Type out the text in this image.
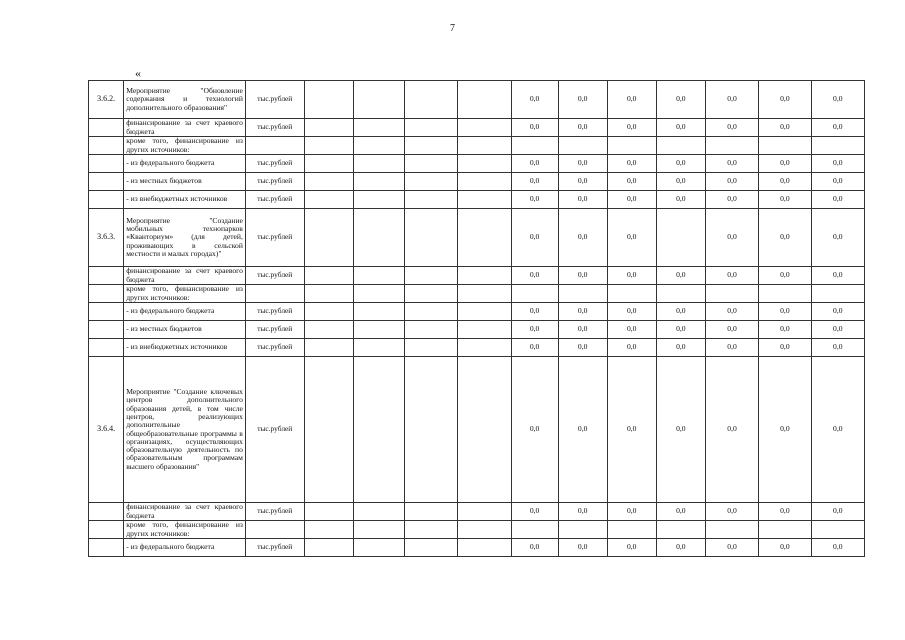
7
«
3.6.2.	Мероприятие "Обновление содержания и технологий дополнительного образования"	тыс.рублей					0,0	0,0	0,0	0,0	0,0	0,0	0,0
	финансирование за счет краевого бюджета	тыс.рублей					0,0	0,0	0,0	0,0	0,0	0,0	0,0
	кроме того, финансирование из других источников:												
	- из федерального бюджета	тыс.рублей					0,0	0,0	0,0	0,0	0,0	0,0	0,0
	- из местных бюджетов	тыс.рублей					0,0	0,0	0,0	0,0	0,0	0,0	0,0
	- из внебюджетных источников	тыс.рублей					0,0	0,0	0,0	0,0	0,0	0,0	0,0
3.6.3.	Мероприятие "Создание мобильных технопарков «Кванториум» (для детей, проживающих в сельской местности и малых городах)"	тыс.рублей					0,0	0,0	0,0		0,0	0,0	0,0
	финансирование за счет краевого бюджета	тыс.рублей					0,0	0,0	0,0	0,0	0,0	0,0	0,0
	кроме того, финансирование из других источников:												
	- из федерального бюджета	тыс.рублей					0,0	0,0	0,0	0,0	0,0	0,0	0,0
	- из местных бюджетов	тыс.рублей					0,0	0,0	0,0	0,0	0,0	0,0	0,0
	- из внебюджетных источников	тыс.рублей					0,0	0,0	0,0	0,0	0,0	0,0	0,0
3.6.4.	Мероприятие "Создание ключевых центров дополнительного образования детей, в том числе центров, реализующих дополнительные общеобразовательные программы в организациях, осуществляющих образовательную деятельность по образовательным программам высшего образования"	тыс.рублей					0,0	0,0	0,0	0,0	0,0	0,0	0,0
	финансирование за счет краевого бюджета	тыс.рублей					0,0	0,0	0,0	0,0	0,0	0,0	0,0
	кроме того, финансирование из других источников:												
	- из федерального бюджета	тыс.рублей					0,0	0,0	0,0	0,0	0,0	0,0	0,0
